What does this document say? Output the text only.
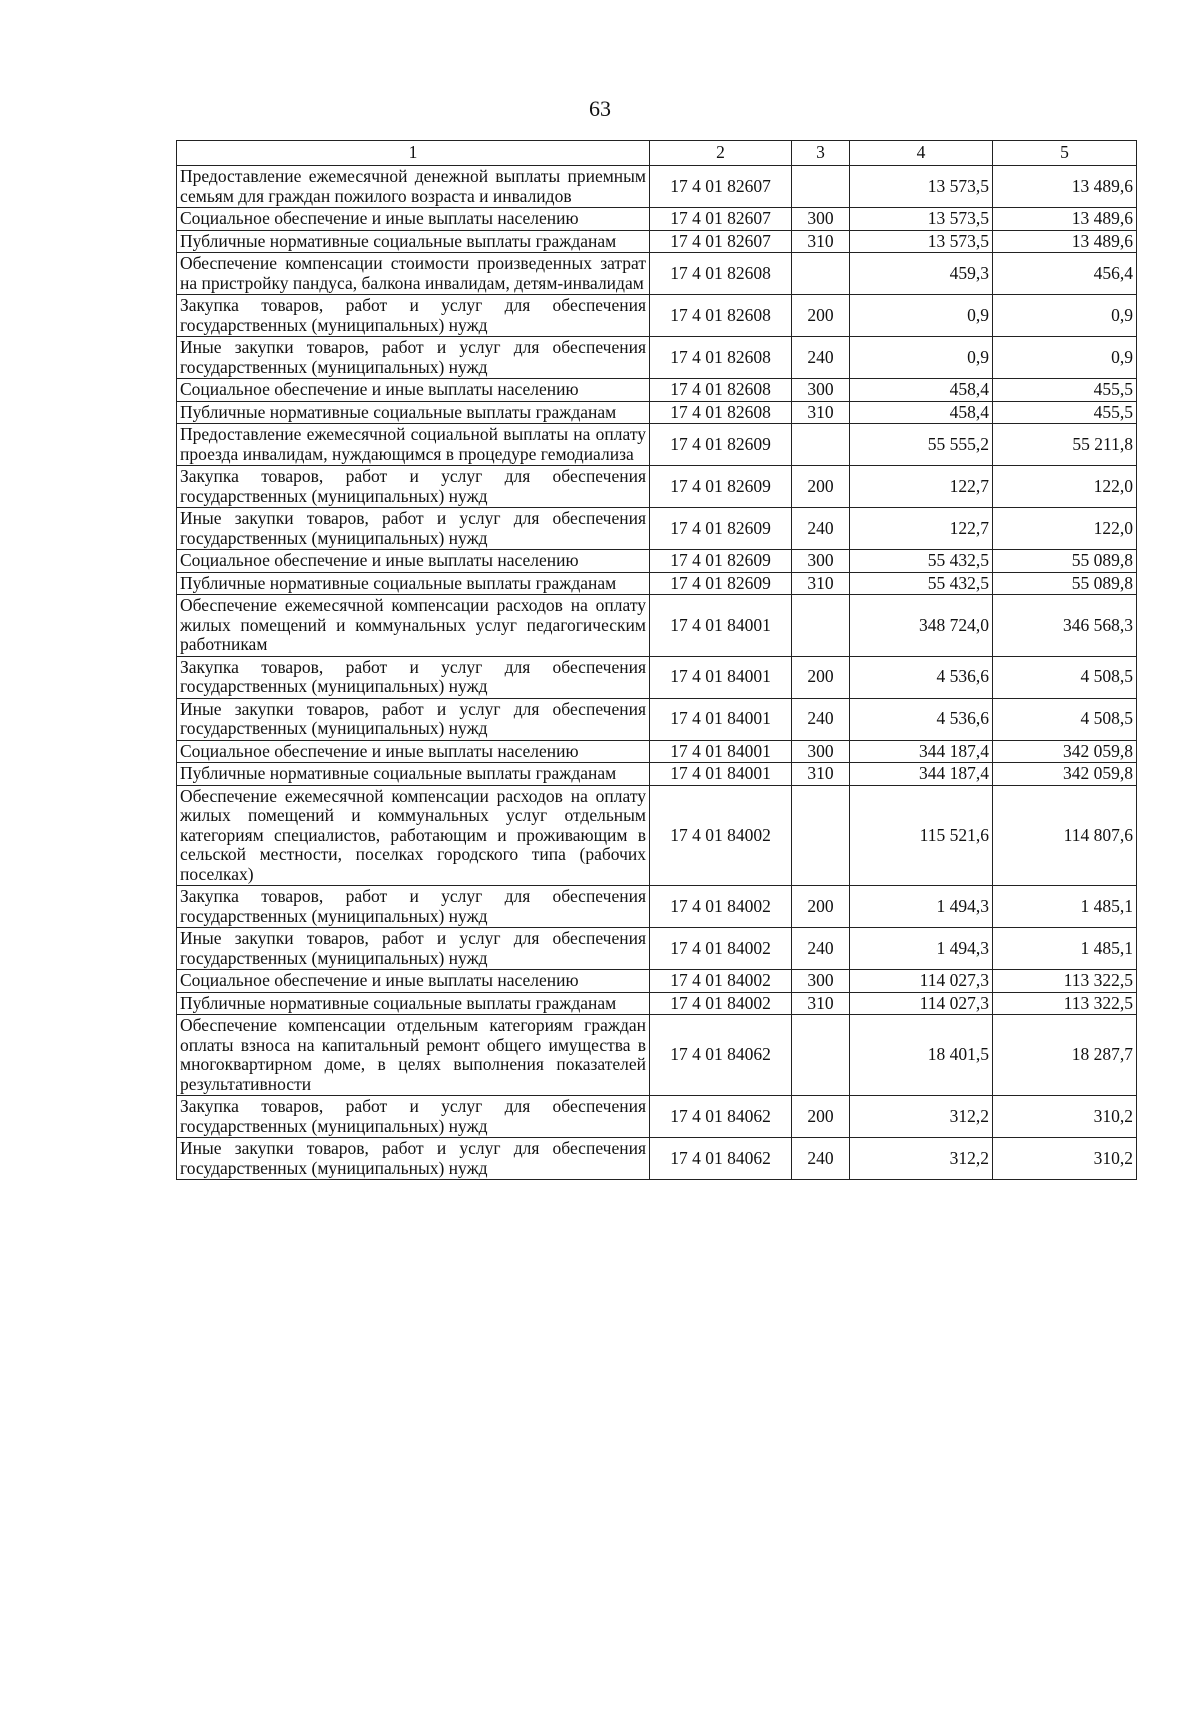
63
1	2	3	4	5
Предоставление ежемесячной денежной выплаты приемным семьям для граждан пожилого возраста и инвалидов	17 4 01 82607		13 573,5	13 489,6
Социальное обеспечение и иные выплаты населению	17 4 01 82607	300	13 573,5	13 489,6
Публичные нормативные социальные выплаты гражданам	17 4 01 82607	310	13 573,5	13 489,6
Обеспечение компенсации стоимости произведенных затрат на пристройку пандуса, балкона инвалидам, детям-инвалидам	17 4 01 82608		459,3	456,4
Закупка товаров, работ и услуг для обеспечения государственных (муниципальных) нужд	17 4 01 82608	200	0,9	0,9
Иные закупки товаров, работ и услуг для обеспечения государственных (муниципальных) нужд	17 4 01 82608	240	0,9	0,9
Социальное обеспечение и иные выплаты населению	17 4 01 82608	300	458,4	455,5
Публичные нормативные социальные выплаты гражданам	17 4 01 82608	310	458,4	455,5
Предоставление ежемесячной социальной выплаты на оплату проезда инвалидам, нуждающимся в процедуре гемодиализа	17 4 01 82609		55 555,2	55 211,8
Закупка товаров, работ и услуг для обеспечения государственных (муниципальных) нужд	17 4 01 82609	200	122,7	122,0
Иные закупки товаров, работ и услуг для обеспечения государственных (муниципальных) нужд	17 4 01 82609	240	122,7	122,0
Социальное обеспечение и иные выплаты населению	17 4 01 82609	300	55 432,5	55 089,8
Публичные нормативные социальные выплаты гражданам	17 4 01 82609	310	55 432,5	55 089,8
Обеспечение ежемесячной компенсации расходов на оплату жилых помещений и коммунальных услуг педагогическим работникам	17 4 01 84001		348 724,0	346 568,3
Закупка товаров, работ и услуг для обеспечения государственных (муниципальных) нужд	17 4 01 84001	200	4 536,6	4 508,5
Иные закупки товаров, работ и услуг для обеспечения государственных (муниципальных) нужд	17 4 01 84001	240	4 536,6	4 508,5
Социальное обеспечение и иные выплаты населению	17 4 01 84001	300	344 187,4	342 059,8
Публичные нормативные социальные выплаты гражданам	17 4 01 84001	310	344 187,4	342 059,8
Обеспечение ежемесячной компенсации расходов на оплату жилых помещений и коммунальных услуг отдельным категориям специалистов, работающим и проживающим в сельской местности, поселках городского типа (рабочих поселках)	17 4 01 84002		115 521,6	114 807,6
Закупка товаров, работ и услуг для обеспечения государственных (муниципальных) нужд	17 4 01 84002	200	1 494,3	1 485,1
Иные закупки товаров, работ и услуг для обеспечения государственных (муниципальных) нужд	17 4 01 84002	240	1 494,3	1 485,1
Социальное обеспечение и иные выплаты населению	17 4 01 84002	300	114 027,3	113 322,5
Публичные нормативные социальные выплаты гражданам	17 4 01 84002	310	114 027,3	113 322,5
Обеспечение компенсации отдельным категориям граждан оплаты взноса на капитальный ремонт общего имущества в многоквартирном доме, в целях выполнения показателей результативности	17 4 01 84062		18 401,5	18 287,7
Закупка товаров, работ и услуг для обеспечения государственных (муниципальных) нужд	17 4 01 84062	200	312,2	310,2
Иные закупки товаров, работ и услуг для обеспечения государственных (муниципальных) нужд	17 4 01 84062	240	312,2	310,2
